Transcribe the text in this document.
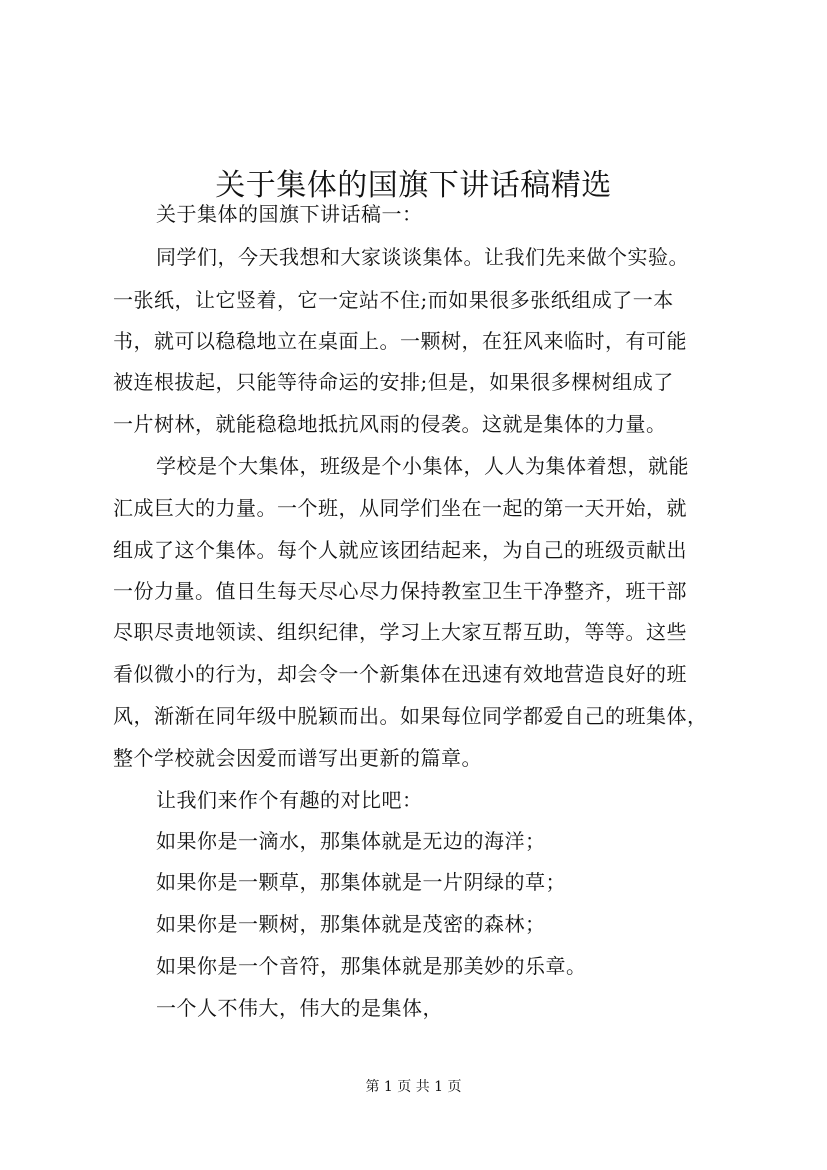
关于集体的国旗下讲话稿精选
关于集体的国旗下讲话稿一：
同学们，今天我想和大家谈谈集体。让我们先来做个实验。
一张纸，让它竖着，它一定站不住;而如果很多张纸组成了一本
书，就可以稳稳地立在桌面上。一颗树，在狂风来临时，有可能
被连根拔起，只能等待命运的安排;但是，如果很多棵树组成了
一片树林，就能稳稳地抵抗风雨的侵袭。这就是集体的力量。
学校是个大集体，班级是个小集体，人人为集体着想，就能
汇成巨大的力量。一个班，从同学们坐在一起的第一天开始，就
组成了这个集体。每个人就应该团结起来，为自己的班级贡献出
一份力量。值日生每天尽心尽力保持教室卫生干净整齐，班干部
尽职尽责地领读、组织纪律，学习上大家互帮互助，等等。这些
看似微小的行为，却会令一个新集体在迅速有效地营造良好的班
风，渐渐在同年级中脱颖而出。如果每位同学都爱自己的班集体，
整个学校就会因爱而谱写出更新的篇章。
让我们来作个有趣的对比吧：
如果你是一滴水，那集体就是无边的海洋；
如果你是一颗草，那集体就是一片阴绿的草；
如果你是一颗树，那集体就是茂密的森林；
如果你是一个音符，那集体就是那美妙的乐章。
一个人不伟大，伟大的是集体，
第 1 页 共 1 页
